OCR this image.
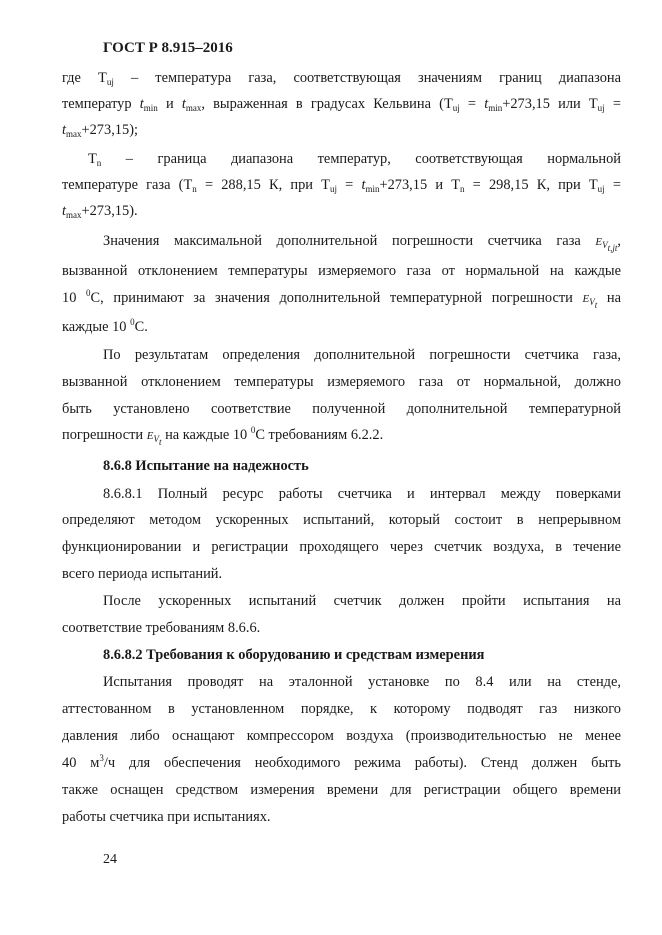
ГОСТ Р 8.915–2016
где $T_{uj}$ – температура газа, соответствующая значениям границ диапазона
температур $t_{min}$ и $t_{max}$, выраженная в градусах Кельвина ($T_{uj} = t_{min}+273,15$ или $T_{uj}$ =
$t_{max}+273,15$);
$T_n$ – граница диапазона температур, соответствующая нормальной
температуре газа ($T_n = 288,15$ К, при $T_{uj} = t_{min}+273,15$ и $T_n = 298,15$ К, при $T_{uj}$ =
$t_{max}+273,15$).
Значения максимальной дополнительной погрешности счетчика газа $E_{V_{t,jt}}$,
вызванной отклонением температуры измеряемого газа от нормальной на каждые
10 $^0$С, принимают за значения дополнительной температурной погрешности $E_{V_t}$ на
каждые 10 $^0$С.
По результатам определения дополнительной погрешности счетчика газа,
вызванной отклонением температуры измеряемого газа от нормальной, должно
быть установлено соответствие полученной дополнительной температурной
погрешности $E_{V_t}$ на каждые 10 $^0$С требованиям 6.2.2.
8.6.8 Испытание на надежность
8.6.8.1 Полный ресурс работы счетчика и интервал между поверками
определяют методом ускоренных испытаний, который состоит в непрерывном
функционировании и регистрации проходящего через счетчик воздуха, в течение
всего периода испытаний.
После ускоренных испытаний счетчик должен пройти испытания на
соответствие требованиям 8.6.6.
8.6.8.2 Требования к оборудованию и средствам измерения
Испытания проводят на эталонной установке по 8.4 или на стенде,
аттестованном в установленном порядке, к которому подводят газ низкого
давления либо оснащают компрессором воздуха (производительностью не менее
40 $м^3/ч$ для обеспечения необходимого режима работы). Стенд должен быть
также оснащен средством измерения времени для регистрации общего времени
работы счетчика при испытаниях.
24
